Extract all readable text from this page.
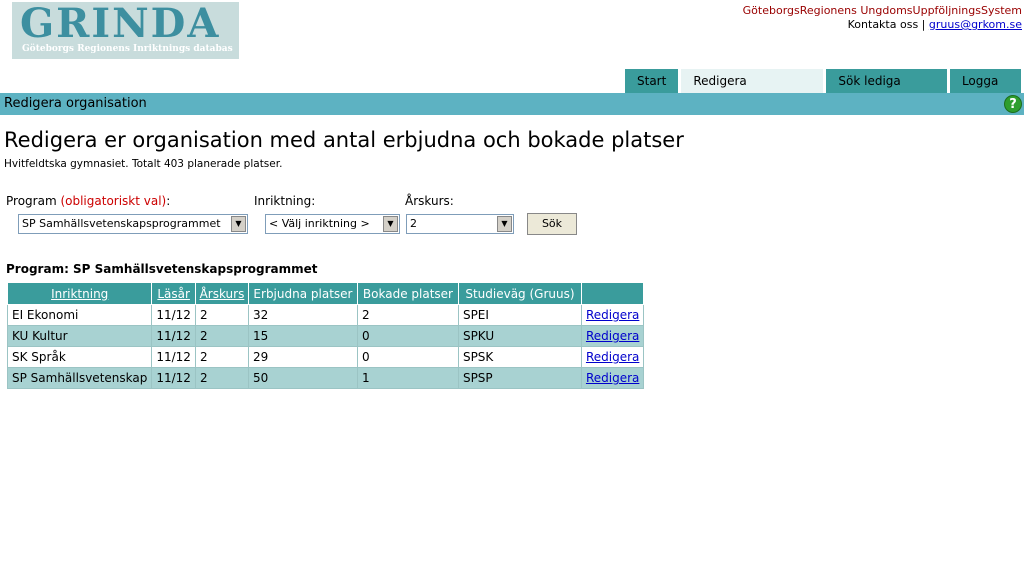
GRINDA
Göteborgs Regionens Inriktnings databas
GöteborgsRegionens UngdomsUppföljningsSystem
Kontakta oss | gruus@grkom.se
Start	Redigera	Sök lediga	Logga
Redigera organisation	?
Redigera er organisation med antal erbjudna och bokade platser
Hvitfeldtska gymnasiet. Totalt 403 planerade platser.
Program (obligatoriskt val):	Inriktning:	Årskurs:
SP Samhällsvetenskapsprogrammet	▼	< Välj inriktning >	▼	2	▼	Sök
Program: SP Samhällsvetenskapsprogrammet
Inriktning	Läsår	Årskurs	Erbjudna platser	Bokade platser	Studieväg (Gruus)	
EI Ekonomi	11/12	2	32	2	SPEI	Redigera
KU Kultur	11/12	2	15	0	SPKU	Redigera
SK Språk	11/12	2	29	0	SPSK	Redigera
SP Samhällsvetenskap	11/12	2	50	1	SPSP	Redigera
